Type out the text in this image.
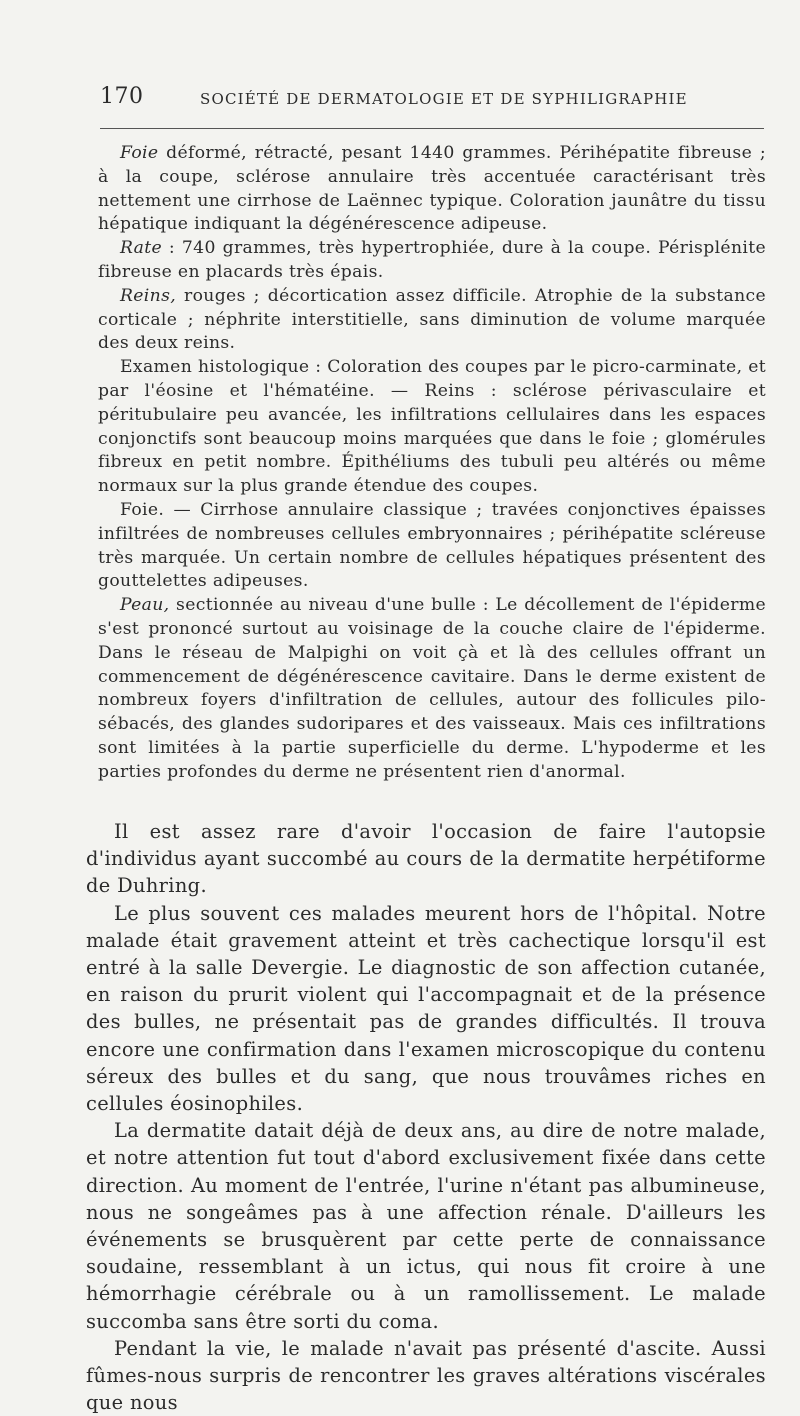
170	SOCIÉTÉ DE DERMATOLOGIE ET DE SYPHILIGRAPHIE

Foie déformé, rétracté, pesant 1440 grammes. Périhépatite fibreuse ; à la coupe, sclérose annulaire très accentuée caractérisant très nettement une cirrhose de Laënnec typique. Coloration jaunâtre du tissu hépatique indiquant la dégénérescence adipeuse.

Rate : 740 grammes, très hypertrophiée, dure à la coupe. Périsplénite fibreuse en placards très épais.

Reins, rouges ; décortication assez difficile. Atrophie de la substance corticale ; néphrite interstitielle, sans diminution de volume marquée des deux reins.

Examen histologique : Coloration des coupes par le picro-carminate, et par l'éosine et l'hématéine. — Reins : sclérose périvasculaire et péritubulaire peu avancée, les infiltrations cellulaires dans les espaces conjonctifs sont beaucoup moins marquées que dans le foie ; glomérules fibreux en petit nombre. Épithéliums des tubuli peu altérés ou même normaux sur la plus grande étendue des coupes.

Foie. — Cirrhose annulaire classique ; travées conjonctives épaisses infiltrées de nombreuses cellules embryonnaires ; périhépatite scléreuse très marquée. Un certain nombre de cellules hépatiques présentent des gouttelettes adipeuses.

Peau, sectionnée au niveau d'une bulle : Le décollement de l'épiderme s'est prononcé surtout au voisinage de la couche claire de l'épiderme. Dans le réseau de Malpighi on voit çà et là des cellules offrant un commencement de dégénérescence cavitaire. Dans le derme existent de nombreux foyers d'infiltration de cellules, autour des follicules pilo-sébacés, des glandes sudoripares et des vaisseaux. Mais ces infiltrations sont limitées à la partie superficielle du derme. L'hypoderme et les parties profondes du derme ne présentent rien d'anormal.

Il est assez rare d'avoir l'occasion de faire l'autopsie d'individus ayant succombé au cours de la dermatite herpétiforme de Duhring.

Le plus souvent ces malades meurent hors de l'hôpital. Notre malade était gravement atteint et très cachectique lorsqu'il est entré à la salle Devergie. Le diagnostic de son affection cutanée, en raison du prurit violent qui l'accompagnait et de la présence des bulles, ne présentait pas de grandes difficultés. Il trouva encore une confirmation dans l'examen microscopique du contenu séreux des bulles et du sang, que nous trouvâmes riches en cellules éosinophiles.

La dermatite datait déjà de deux ans, au dire de notre malade, et notre attention fut tout d'abord exclusivement fixée dans cette direction. Au moment de l'entrée, l'urine n'étant pas albumineuse, nous ne songeâmes pas à une affection rénale. D'ailleurs les événements se brusquèrent par cette perte de connaissance soudaine, ressemblant à un ictus, qui nous fit croire à une hémorrhagie cérébrale ou à un ramollissement. Le malade succomba sans être sorti du coma.

Pendant la vie, le malade n'avait pas présenté d'ascite. Aussi fûmes-nous surpris de rencontrer les graves altérations viscérales que nous
